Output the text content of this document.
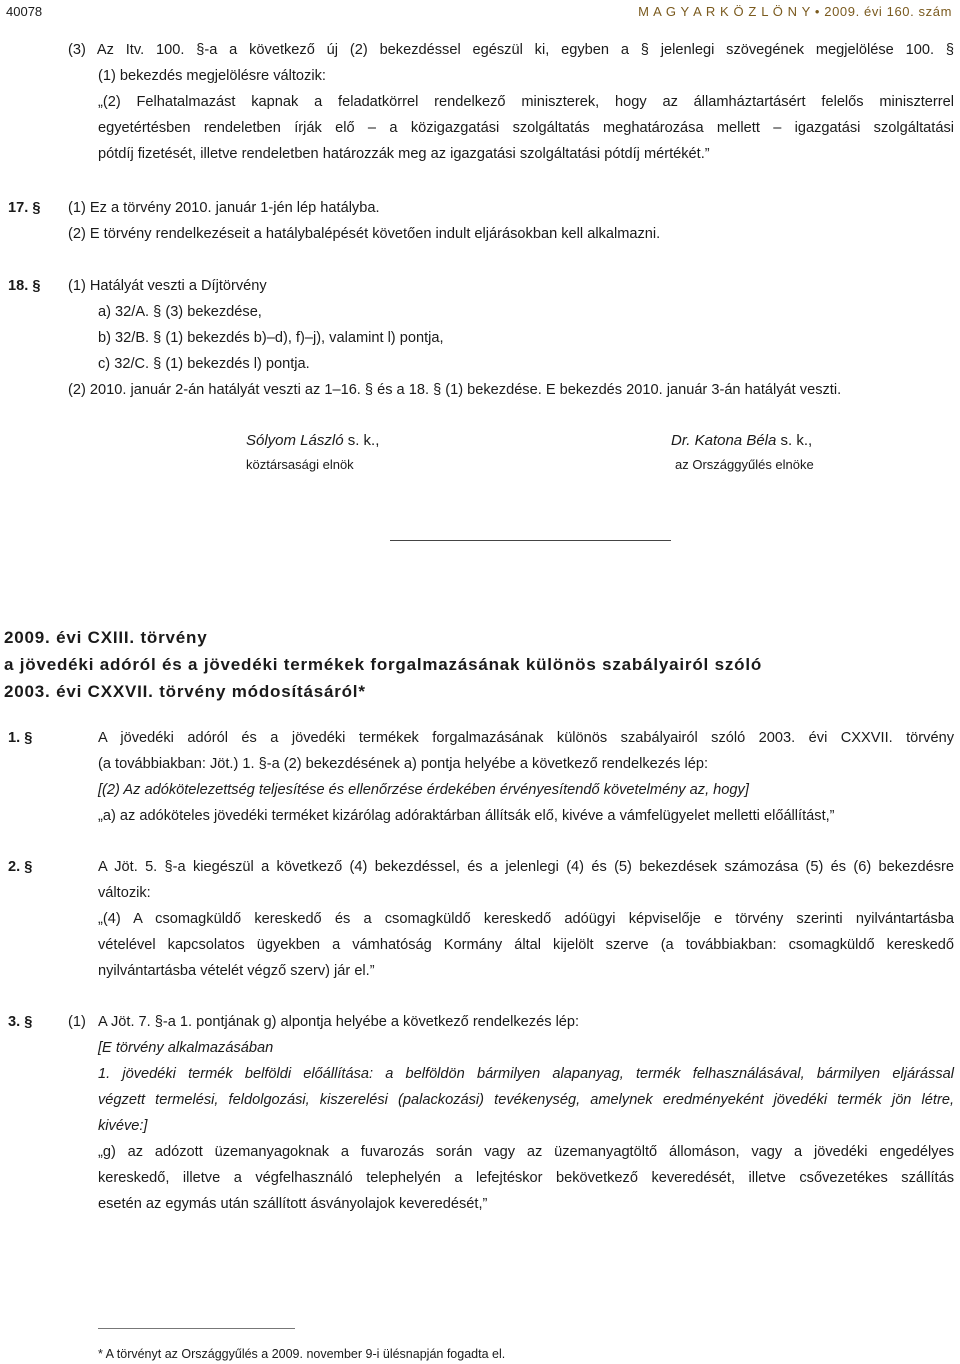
40078	M A G Y A R K Ö Z L Ö N Y • 2009. évi 160. szám
(3) Az Itv. 100. §-a a következő új (2) bekezdéssel egészül ki, egyben a § jelenlegi szövegének megjelölése 100. §
(1) bekezdés megjelölésre változik:
„(2) Felhatalmazást kapnak a feladatkörrel rendelkező miniszterek, hogy az államháztartásért felelős miniszterrel
egyetértésben rendeletben írják elő – a közigazgatási szolgáltatás meghatározása mellett – igazgatási szolgáltatási
pótdíj fizetését, illetve rendeletben határozzák meg az igazgatási szolgáltatási pótdíj mértékét.”
17. § (1) Ez a törvény 2010. január 1-jén lép hatályba.
(2) E törvény rendelkezéseit a hatálybalépését követően indult eljárásokban kell alkalmazni.
18. § (1) Hatályát veszti a Díjtörvény
a) 32/A. § (3) bekezdése,
b) 32/B. § (1) bekezdés b)–d), f)–j), valamint l) pontja,
c) 32/C. § (1) bekezdés l) pontja.
(2) 2010. január 2-án hatályát veszti az 1–16. § és a 18. § (1) bekezdése. E bekezdés 2010. január 3-án hatályát veszti.
Sólyom László s. k.,
köztársasági elnök
Dr. Katona Béla s. k.,
az Országgyűlés elnöke
2009. évi CXIII. törvény
a jövedéki adóról és a jövedéki termékek forgalmazásának különös szabályairól szóló
2003. évi CXXVII. törvény módosításáról*
1. §	A jövedéki adóról és a jövedéki termékek forgalmazásának különös szabályairól szóló 2003. évi CXXVII. törvény
(a továbbiakban: Jöt.) 1. §-a (2) bekezdésének a) pontja helyébe a következő rendelkezés lép:
[(2) Az adókötelezettség teljesítése és ellenőrzése érdekében érvényesítendő követelmény az, hogy]
„a) az adóköteles jövedéki terméket kizárólag adóraktárban állítsák elő, kivéve a vámfelügyelet melletti előállítást,”
2. §	A Jöt. 5. §-a kiegészül a következő (4) bekezdéssel, és a jelenlegi (4) és (5) bekezdések számozása (5) és (6) bekezdésre
változik:
„(4) A csomagküldő kereskedő és a csomagküldő kereskedő adóügyi képviselője e törvény szerinti nyilvántartásba
vételével kapcsolatos ügyekben a vámhatóság Kormány által kijelölt szerve (a továbbiakban: csomagküldő kereskedő
nyilvántartásba vételét végző szerv) jár el.”
3. § (1) A Jöt. 7. §-a 1. pontjának g) alpontja helyébe a következő rendelkezés lép:
[E törvény alkalmazásában
1. jövedéki termék belföldi előállítása: a belföldön bármilyen alapanyag, termék felhasználásával, bármilyen eljárással
végzett termelési, feldolgozási, kiszerelési (palackozási) tevékenység, amelynek eredményeként jövedéki termék jön létre,
kivéve:]
„g) az adózott üzemanyagoknak a fuvarozás során vagy az üzemanyagtöltő állomáson, vagy a jövedéki engedélyes
kereskedő, illetve a végfelhasználó telephelyén a lefejtéskor bekövetkező keveredését, illetve csővezetékes szállítás
esetén az egymás után szállított ásványolajok keveredését,”
* A törvényt az Országgyűlés a 2009. november 9-i ülésnapján fogadta el.
